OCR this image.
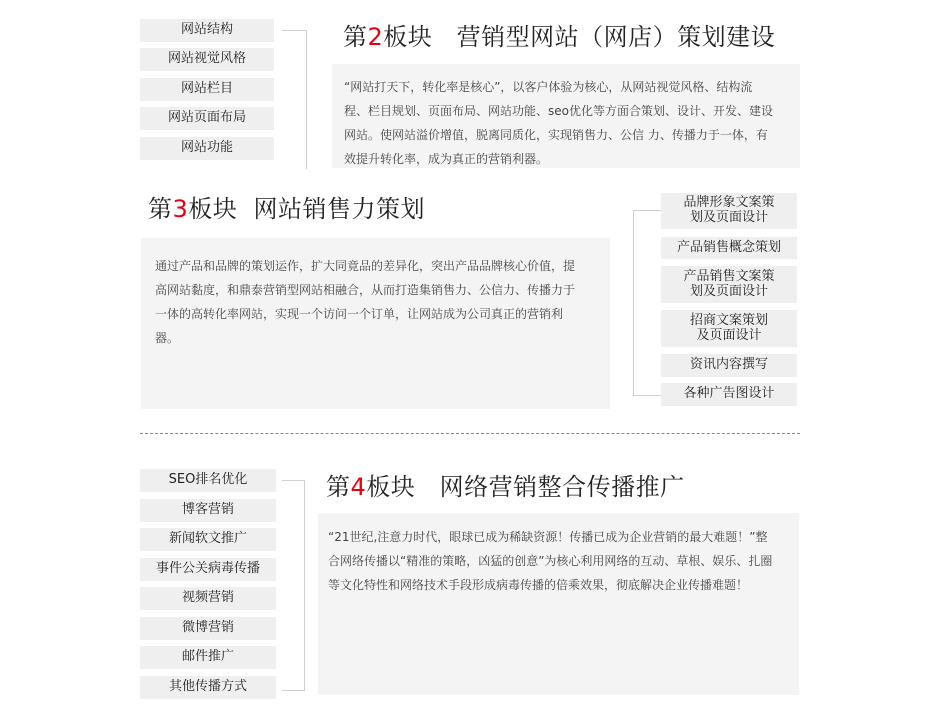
网站结构
网站视觉风格
网站栏目
网站页面布局
网站功能
第2板块   营销型网站（网店）策划建设

“网站打天下，转化率是核心”，以客户体验为核心，从网站视觉风格、结构流程、栏目规划、页面布局、网站功能、seo优化等方面合策划、设计、开发、建设网站。使网站溢价增值，脱离同质化，实现销售力、公信 力、传播力于一体，有效提升转化率，成为真正的营销利器。

第3板块  网站销售力策划

通过产品和品牌的策划运作，扩大同竟品的差异化，突出产品品牌核心价值，提高网站黏度，和鼎泰营销型网站相融合，从而打造集销售力、公信力、传播力于一体的高转化率网站，实现一个访问一个订单，让网站成为公司真正的营销利器。

品牌形象文案策
划及页面设计
产品销售概念策划
产品销售文案策
划及页面设计
招商文案策划
及页面设计
资讯内容撰写
各种广告图设计
SEO排名优化
博客营销
新闻软文推广
事件公关病毒传播
视频营销
微博营销
邮件推广
其他传播方式
第4板块   网络营销整合传播推广

“21世纪,注意力时代，眼球已成为稀缺资源！传播已成为企业营销的最大难题！”整合网络传播以“精准的策略，凶猛的创意”为核心利用网络的互动、草根、娱乐、扎圈等文化特性和网络技术手段形成病毒传播的倍乘效果，彻底解决企业传播难题！
